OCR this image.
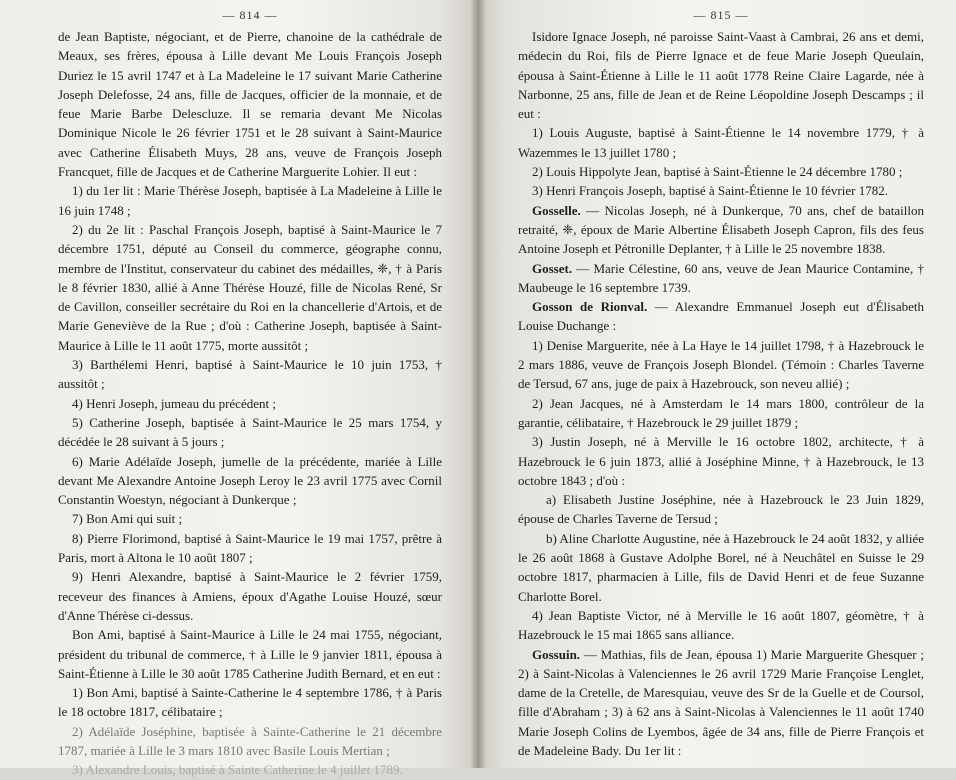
— 814 —

de Jean Baptiste, négociant, et de Pierre, chanoine de la cathédrale de Meaux, ses frères, épousa à Lille devant Me Louis François Joseph Duriez le 15 avril 1747 et à La Madeleine le 17 suivant Marie Catherine Joseph Delefosse, 24 ans, fille de Jacques, officier de la monnaie, et de feue Marie Barbe Delescluze. Il se remaria devant Me Nicolas Dominique Nicole le 26 février 1751 et le 28 suivant à Saint-Maurice avec Catherine Élisabeth Muys, 28 ans, veuve de François Joseph Francquet, fille de Jacques et de Catherine Marguerite Lohier. Il eut :

1) du 1er lit : Marie Thérèse Joseph, baptisée à La Madeleine à Lille le 16 juin 1748 ;

2) du 2e lit : Paschal François Joseph, baptisé à Saint-Maurice le 7 décembre 1751, député au Conseil du commerce, géographe connu, membre de l'Institut, conservateur du cabinet des médailles, ❈, † à Paris le 8 février 1830, allié à Anne Thérèse Houzé, fille de Nicolas René, Sr de Cavillon, conseiller secrétaire du Roi en la chancellerie d'Artois, et de Marie Geneviève de la Rue ; d'où : Catherine Joseph, baptisée à Saint-Maurice à Lille le 11 août 1775, morte aussitôt ;

3) Barthélemi Henri, baptisé à Saint-Maurice le 10 juin 1753, † aussitôt ;

4) Henri Joseph, jumeau du précédent ;

5) Catherine Joseph, baptisée à Saint-Maurice le 25 mars 1754, y décédée le 28 suivant à 5 jours ;

6) Marie Adélaïde Joseph, jumelle de la précédente, mariée à Lille devant Me Alexandre Antoine Joseph Leroy le 23 avril 1775 avec Cornil Constantin Woestyn, négociant à Dunkerque ;

7) Bon Ami qui suit ;

8) Pierre Florimond, baptisé à Saint-Maurice le 19 mai 1757, prêtre à Paris, mort à Altona le 10 août 1807 ;

9) Henri Alexandre, baptisé à Saint-Maurice le 2 février 1759, receveur des finances à Amiens, époux d'Agathe Louise Houzé, sœur d'Anne Thérèse ci-dessus.

Bon Ami, baptisé à Saint-Maurice à Lille le 24 mai 1755, négociant, président du tribunal de commerce, † à Lille le 9 janvier 1811, épousa à Saint-Étienne à Lille le 30 août 1785 Catherine Judith Bernard, et en eut :

1) Bon Ami, baptisé à Sainte-Catherine le 4 septembre 1786, † à Paris le 18 octobre 1817, célibataire ;

2) Adélaïde Joséphine, baptisée à Sainte-Catherine le 21 décembre 1787, mariée à Lille le 3 mars 1810 avec Basile Louis Mertian ;

3) Alexandre Louis, baptisé à Sainte Catherine le 4 juillet 1789.

— 815 —

Isidore Ignace Joseph, né paroisse Saint-Vaast à Cambrai, 26 ans et demi, médecin du Roi, fils de Pierre Ignace et de feue Marie Joseph Queulain, épousa à Saint-Étienne à Lille le 11 août 1778 Reine Claire Lagarde, née à Narbonne, 25 ans, fille de Jean et de Reine Léopoldine Joseph Descamps ; il eut :

1) Louis Auguste, baptisé à Saint-Étienne le 14 novembre 1779, † à Wazemmes le 13 juillet 1780 ;

2) Louis Hippolyte Jean, baptisé à Saint-Étienne le 24 décembre 1780 ;

3) Henri François Joseph, baptisé à Saint-Étienne le 10 février 1782.

Gosselle. — Nicolas Joseph, né à Dunkerque, 70 ans, chef de bataillon retraité, ❈, époux de Marie Albertine Élisabeth Joseph Capron, fils des feus Antoine Joseph et Pétronille Deplanter, † à Lille le 25 novembre 1838.

Gosset. — Marie Célestine, 60 ans, veuve de Jean Maurice Contamine, † Maubeuge le 16 septembre 1739.

Gosson de Rionval. — Alexandre Emmanuel Joseph eut d'Élisabeth Louise Duchange :

1) Denise Marguerite, née à La Haye le 14 juillet 1798, † à Hazebrouck le 2 mars 1886, veuve de François Joseph Blondel. (Témoin : Charles Taverne de Tersud, 67 ans, juge de paix à Hazebrouck, son neveu allié) ;

2) Jean Jacques, né à Amsterdam le 14 mars 1800, contrôleur de la garantie, célibataire, † Hazebrouck le 29 juillet 1879 ;

3) Justin Joseph, né à Merville le 16 octobre 1802, architecte, † à Hazebrouck le 6 juin 1873, allié à Joséphine Minne, † à Hazebrouck, le 13 octobre 1843 ; d'où :

a) Elisabeth Justine Joséphine, née à Hazebrouck le 23 Juin 1829, épouse de Charles Taverne de Tersud ;

b) Aline Charlotte Augustine, née à Hazebrouck le 24 août 1832, y alliée le 26 août 1868 à Gustave Adolphe Borel, né à Neuchâtel en Suisse le 29 octobre 1817, pharmacien à Lille, fils de David Henri et de feue Suzanne Charlotte Borel.

4) Jean Baptiste Victor, né à Merville le 16 août 1807, géomètre, † à Hazebrouck le 15 mai 1865 sans alliance.

Gossuin. — Mathias, fils de Jean, épousa 1) Marie Marguerite Ghesquer ; 2) à Saint-Nicolas à Valenciennes le 26 avril 1729 Marie Françoise Lenglet, dame de la Cretelle, de Maresquiau, veuve des Sr de la Guelle et de Coursol, fille d'Abraham ; 3) à 62 ans à Saint-Nicolas à Valenciennes le 11 août 1740 Marie Joseph Colins de Lyembos, âgée de 34 ans, fille de Pierre François et de Madeleine Bady. Du 1er lit :
